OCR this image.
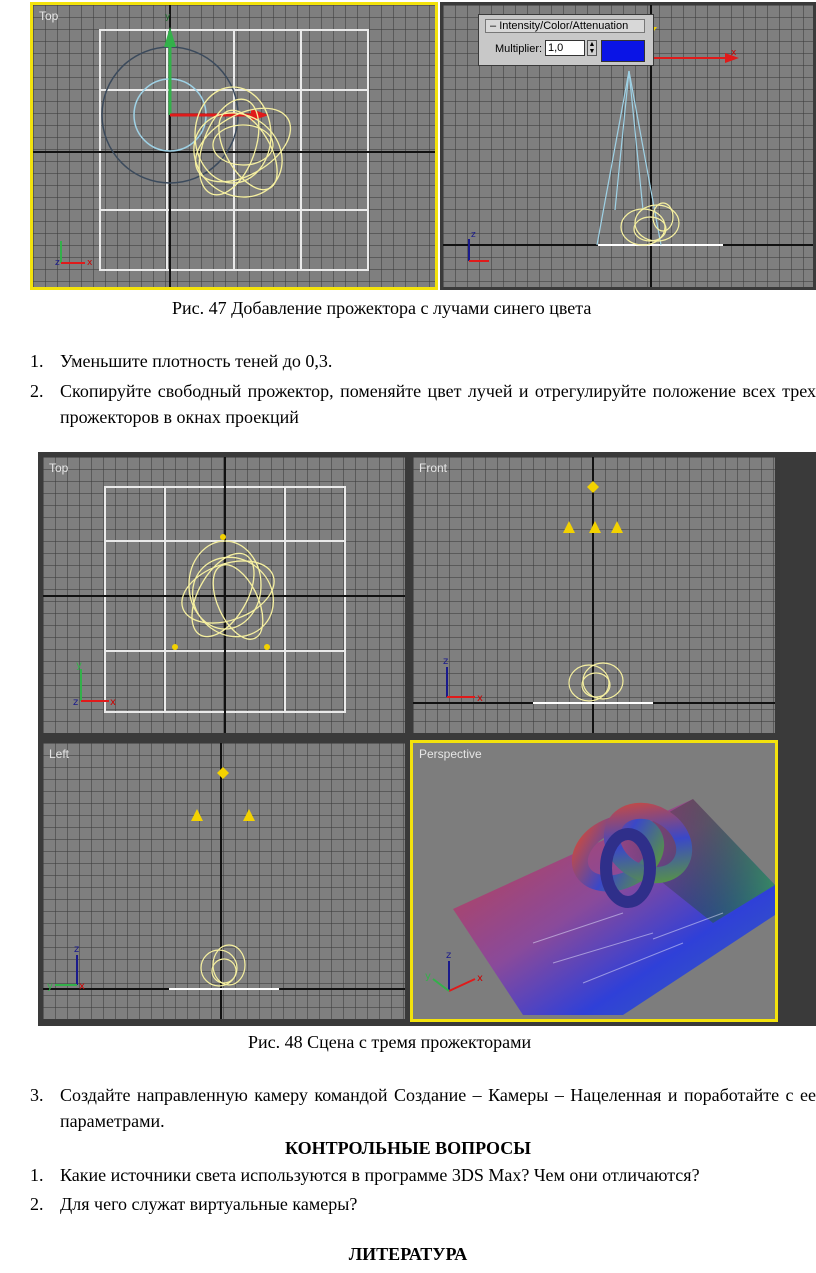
Top
z	x
y
x
z
– Intensity/Color/Attenuation
Multiplier: 1,0	▲
▼
Рис. 47 Добавление прожектора с лучами синего цвета
1. Уменьшите плотность теней до 0,3.
2. Скопируйте свободный прожектор, поменяйте цвет лучей и отрегулируйте положение всех трех прожекторов в окнах проекций
Top
y
x
z
Front
z
x
Left
z
y	x
Perspective
z
x
y
Рис. 48 Сцена с тремя прожекторами
3. Создайте направленную камеру командой Создание – Камеры – Нацеленная и поработайте с ее параметрами.
КОНТРОЛЬНЫЕ ВОПРОСЫ
1. Какие источники света используются в программе 3DS Max? Чем они отличаются?
2. Для чего служат виртуальные камеры?
ЛИТЕРАТУРА
